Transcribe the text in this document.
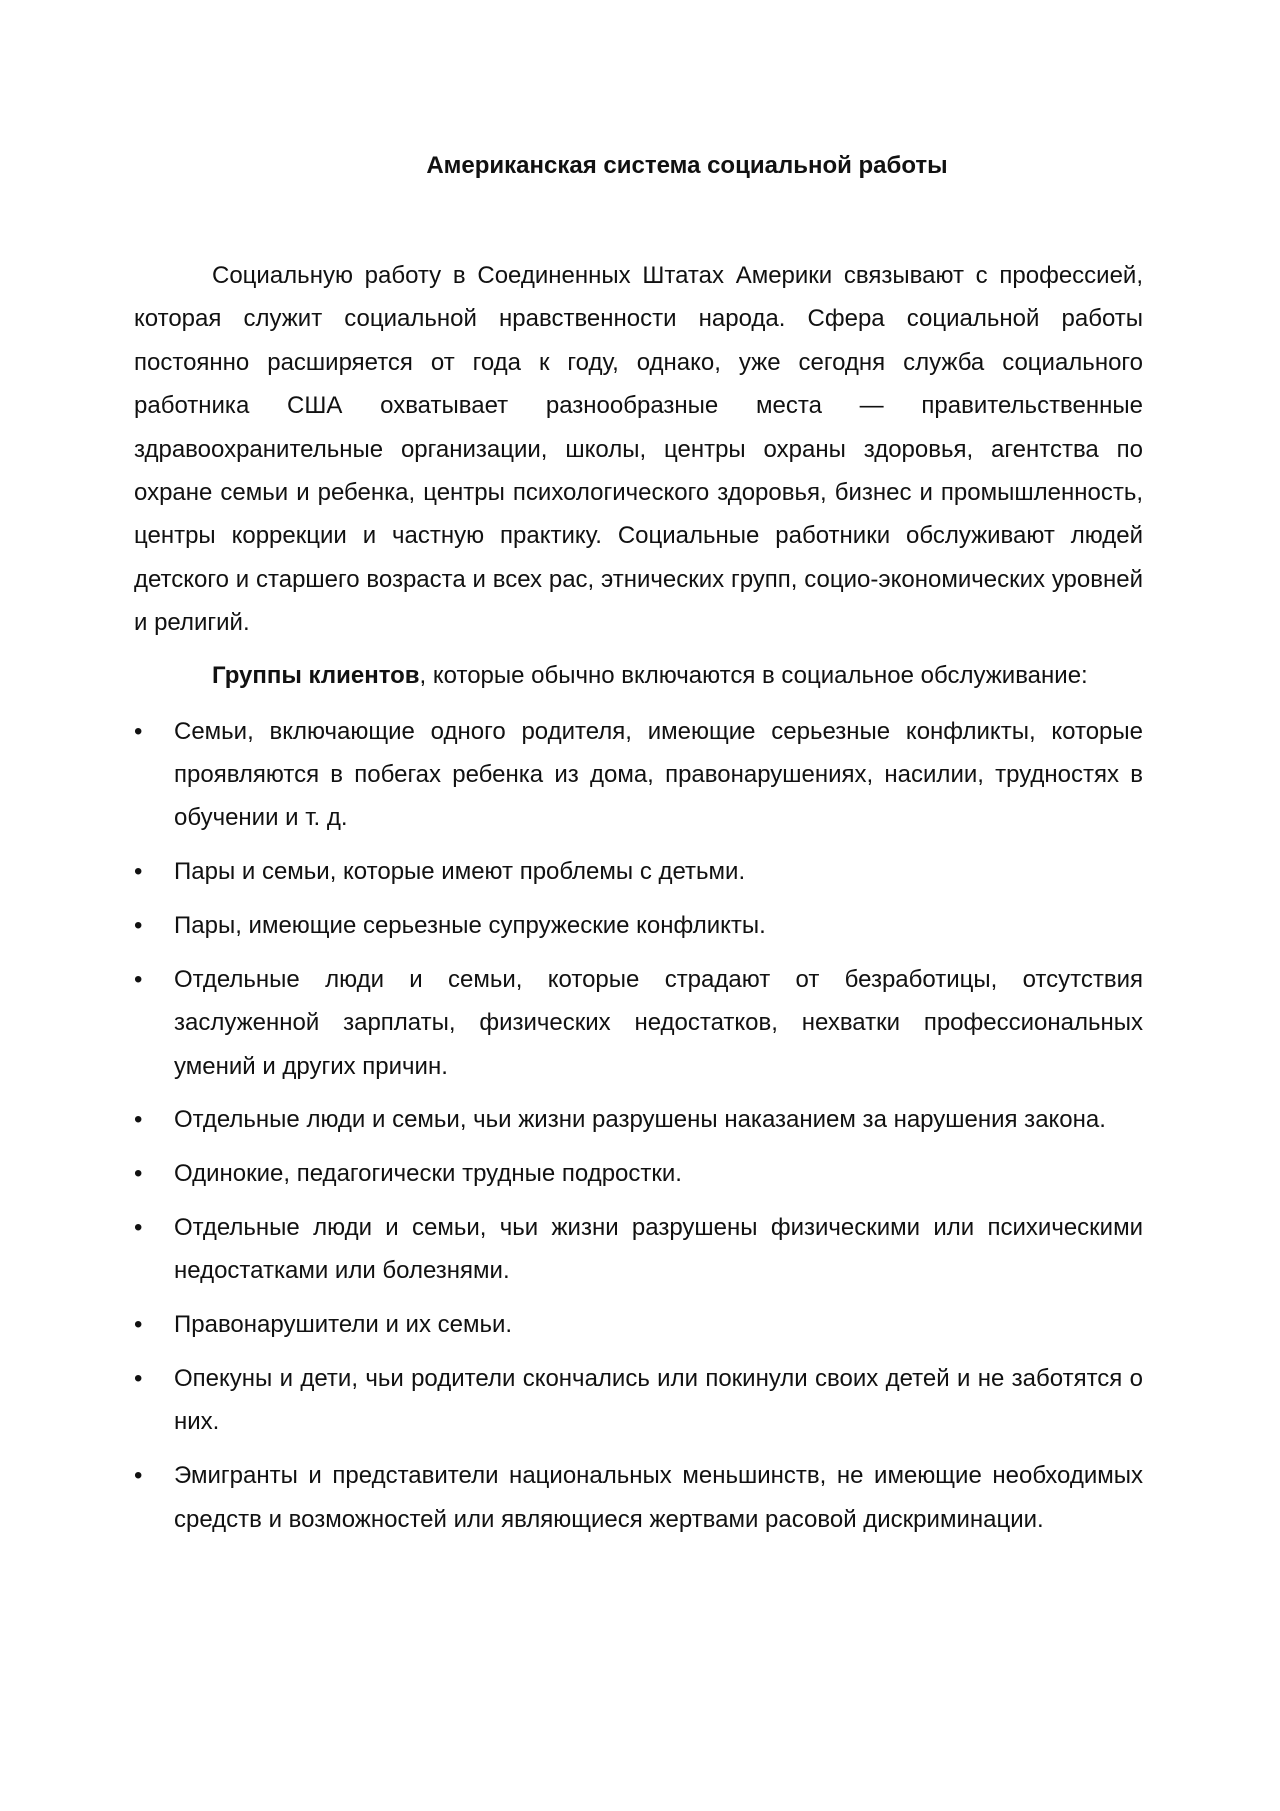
Американская система социальной работы

Социальную работу в Соединенных Штатах Америки связывают с профессией, которая служит социальной нравственности народа. Сфера социальной работы постоянно расширяется от года к году, однако, уже сегодня служба социального работника США охватывает разнообразные места — правительственные здравоохранительные организации, школы, центры охраны здоровья, агентства по охране семьи и ребенка, центры психологического здоровья, бизнес и промышленность, центры коррекции и частную практику. Социальные работники обслуживают людей детского и старшего возраста и всех рас, этнических групп, социо-экономических уровней и религий.

Группы клиентов, которые обычно включаются в социальное обслуживание:

•	Семьи, включающие одного родителя, имеющие серьезные конфликты, которые проявляются в побегах ребенка из дома, правонарушениях, насилии, трудностях в обучении и т. д.
•	Пары и семьи, которые имеют проблемы с детьми.
•	Пары, имеющие серьезные супружеские конфликты.
•	Отдельные люди и семьи, которые страдают от безработицы, отсутствия заслуженной зарплаты, физических недостатков, нехватки профессиональных умений и других причин.
•	Отдельные люди и семьи, чьи жизни разрушены наказанием за нарушения закона.
•	Одинокие, педагогически трудные подростки.
•	Отдельные люди и семьи, чьи жизни разрушены физическими или психическими недостатками или болезнями.
•	Правонарушители и их семьи.
•	Опекуны и дети, чьи родители скончались или покинули своих детей и не заботятся о них.
•	Эмигранты и представители национальных меньшинств, не имеющие необходимых средств и возможностей или являющиеся жертвами расовой дискриминации.
